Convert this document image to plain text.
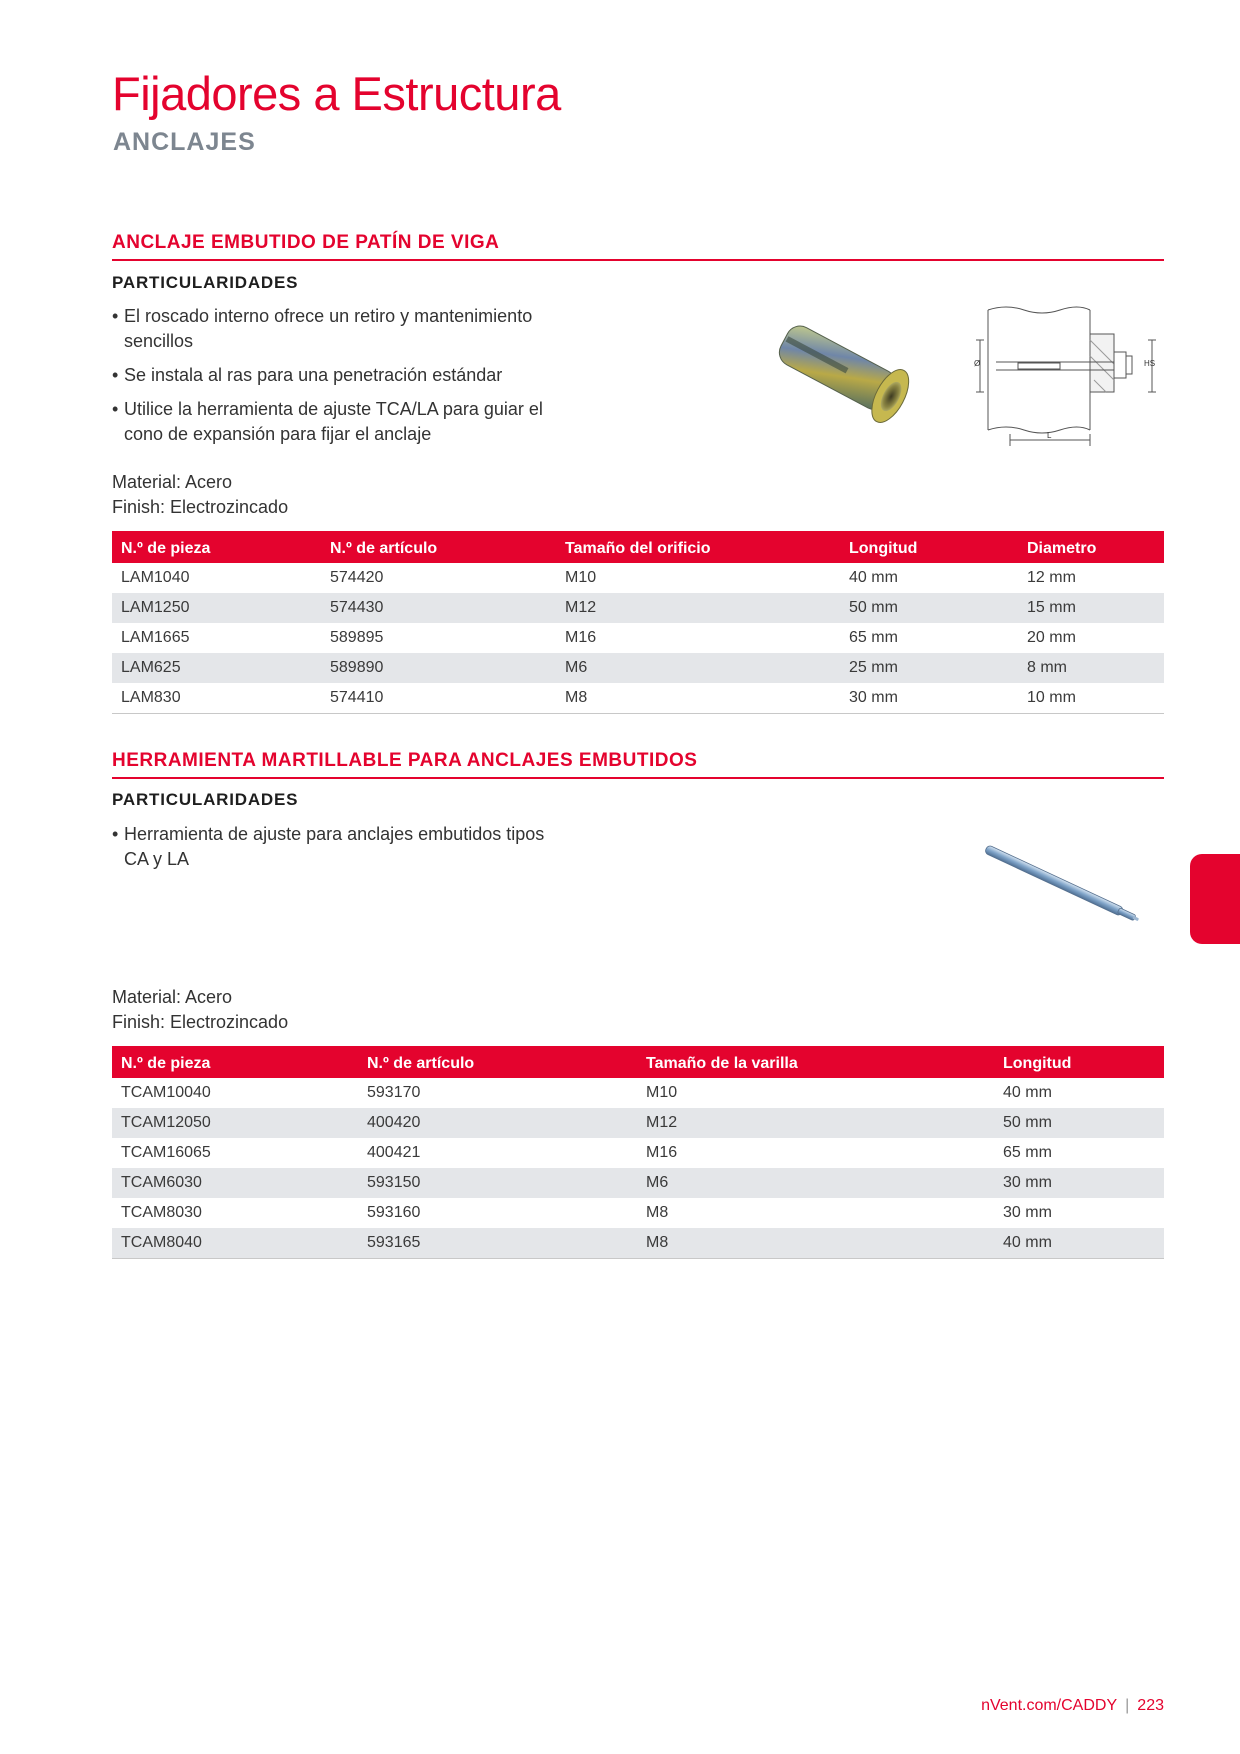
Fijadores a Estructura
ANCLAJES
ANCLAJE EMBUTIDO DE PATÍN DE VIGA
PARTICULARIDADES
• El roscado interno ofrece un retiro y mantenimiento sencillos
• Se instala al ras para una penetración estándar
• Utilice la herramienta de ajuste TCA/LA para guiar el cono de expansión para fijar el anclaje
Ø	HS
L
Material: Acero
Finish: Electrozincado
N.º de pieza	N.º de artículo	Tamaño del orificio	Longitud	Diametro
LAM1040	574420	M10	40 mm	12 mm
LAM1250	574430	M12	50 mm	15 mm
LAM1665	589895	M16	65 mm	20 mm
LAM625	589890	M6	25 mm	8 mm
LAM830	574410	M8	30 mm	10 mm
HERRAMIENTA MARTILLABLE PARA ANCLAJES EMBUTIDOS
PARTICULARIDADES
• Herramienta de ajuste para anclajes embutidos tipos CA y LA
Material: Acero
Finish: Electrozincado
N.º de pieza	N.º de artículo	Tamaño de la varilla	Longitud
TCAM10040	593170	M10	40 mm
TCAM12050	400420	M12	50 mm
TCAM16065	400421	M16	65 mm
TCAM6030	593150	M6	30 mm
TCAM8030	593160	M8	30 mm
TCAM8040	593165	M8	40 mm
nVent.com/CADDY | 223
